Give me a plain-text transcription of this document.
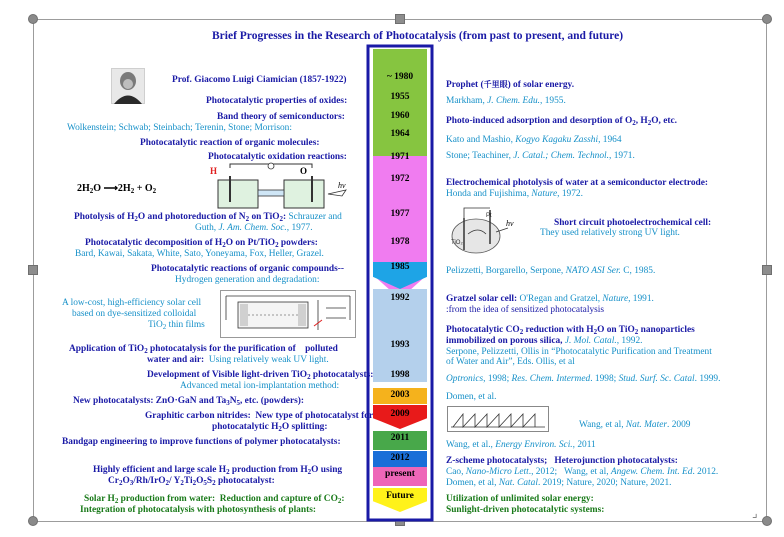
⌟
Brief Progresses in the Research of Photocatalysis (from past to present, and future)
~ 1980
1955
1960
1964
1971
1972
1977
1978
1985
1992
1993
1998
2003
2009
2011
2012
present
Future
Prof. Giacomo Luigi Ciamician (1857-1922)
Photocatalytic properties of oxides:
Band theory of semiconductors:
Wolkenstein; Schwab; Steinbach; Terenin, Stone; Morrison:
Photocatalytic reaction of organic molecules:
Photocatalytic oxidation reactions:
$2H_2O$ $⟶2H_2 + O_2$
H	O
hν
Photolysis of $H_2O$ and photoreduction of $N_2$ on TiO$_2$: Schrauzer and
Guth, J. Am. Chem. Soc., 1977.
Photocatalytic decomposition of $H_2O$ on Pt/TiO$_2$ powders:
Bard, Kawai, Sakata, White, Sato, Yoneyama, Fox, Heller, Grazel.
Photocatalytic reactions of organic compounds--
Hydrogen generation and degradation:
A low-cost, high-efficiency solar cell
based on dye-sensitized colloidal
TiO$_2$ thin films
Application of TiO$_2$ photocatalysis for the purification of polluted
water and air: Using relatively weak UV light.
Development of Visible light-driven TiO$_2$ photocatalysts:
Advanced metal ion-implantation method:
New photocatalysts: ZnO·GaN and $Ta_3N_5$, etc. (powders):
Graphitic carbon nitrides: New type of photocatalyst for
photocatalytic $H_2O$ splitting:
Bandgap engineering to improve functions of polymer photocatalysts:
Highly efficient and large scale $H_2$ production from $H_2O$ using
$Cr_2O_3/Rh/IrO_2/$ $Y_2Ti_2O_5S_2$ photocatalyst:
Solar $H_2$ production from water: Reduction and capture of $CO_2$:
Integration of photocatalysis with photosynthesis of plants:
Prophet (千里眼) of solar energy.
Markham, J. Chem. Edu., 1955.
Photo-induced adsorption and desorption of $O_2$, $H_2O$, etc.
Kato and Mashio, Kogyo Kagaku Zasshi, 1964
Stone; Teachiner, J. Catal.; Chem. Technol., 1971.
Electrochemical photolysis of water at a semiconductor electrode:
Honda and Fujishima, Nature, 1972.
Pt
TiO₂
hν	Short circuit photoelectrochemical cell:
They used relatively strong UV light.
Pelizzetti, Borgarello, Serpone, NATO ASI Ser. C, 1985.
Gratzel solar cell: O'Regan and Gratzel, Nature, 1991.
:from the idea of sensitized photocatalysis
Photocatalytic $CO_2$ reduction with $H_2O$ on TiO$_2$ nanoparticles
immobilized on porous silica, J. Mol. Catal., 1992.
Serpone, Pelizzetti, Ollis in “Photocatalytic Purification and Treatment
of Water and Air”, Eds. Ollis, et al
Optronics, 1998; Res. Chem. Intermed. 1998; Stud. Surf. Sc. Catal. 1999.
Domen, et al.
Wang, et al, Nat. Mater. 2009
Wang, et al., Energy Environ. Sci., 2011
Z-scheme photocatalysts; Heterojunction photocatalysts:
Cao, Nano-Micro Lett., 2012; Wang, et al, Angew. Chem. Int. Ed. 2012.
Domen, et al, Nat. Catal. 2019; Nature, 2020; Nature, 2021.
Utilization of unlimited solar energy:
Sunlight-driven photocatalytic systems:
